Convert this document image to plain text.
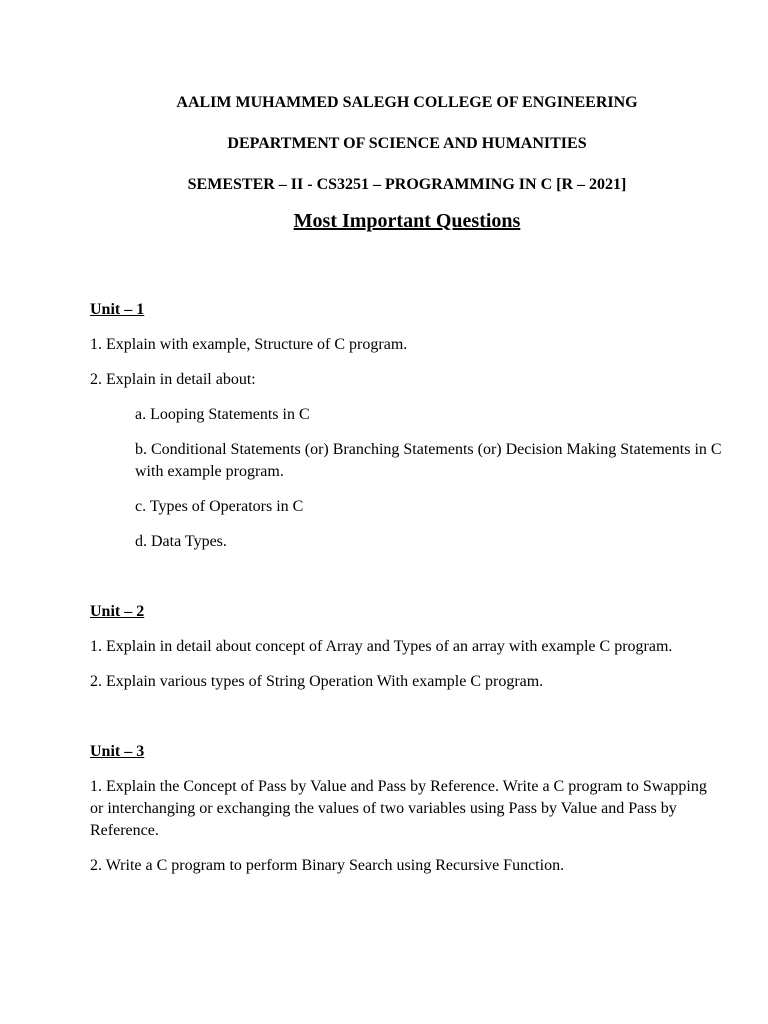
AALIM MUHAMMED SALEGH COLLEGE OF ENGINEERING

DEPARTMENT OF SCIENCE AND HUMANITIES

SEMESTER – II - CS3251 – PROGRAMMING IN C [R – 2021]

Most Important Questions

Unit – 1

1. Explain with example, Structure of C program.

2. Explain in detail about:

a. Looping Statements in C

b. Conditional Statements (or) Branching Statements (or) Decision Making Statements in C with example program.

c. Types of Operators in C

d. Data Types.

Unit – 2

1. Explain in detail about concept of Array and Types of an array with example C program.

2. Explain various types of String Operation With example C program.

Unit – 3

1. Explain the Concept of Pass by Value and Pass by Reference. Write a C program to Swapping or interchanging or exchanging the values of two variables using Pass by Value and Pass by Reference.

2. Write a C program to perform Binary Search using Recursive Function.
